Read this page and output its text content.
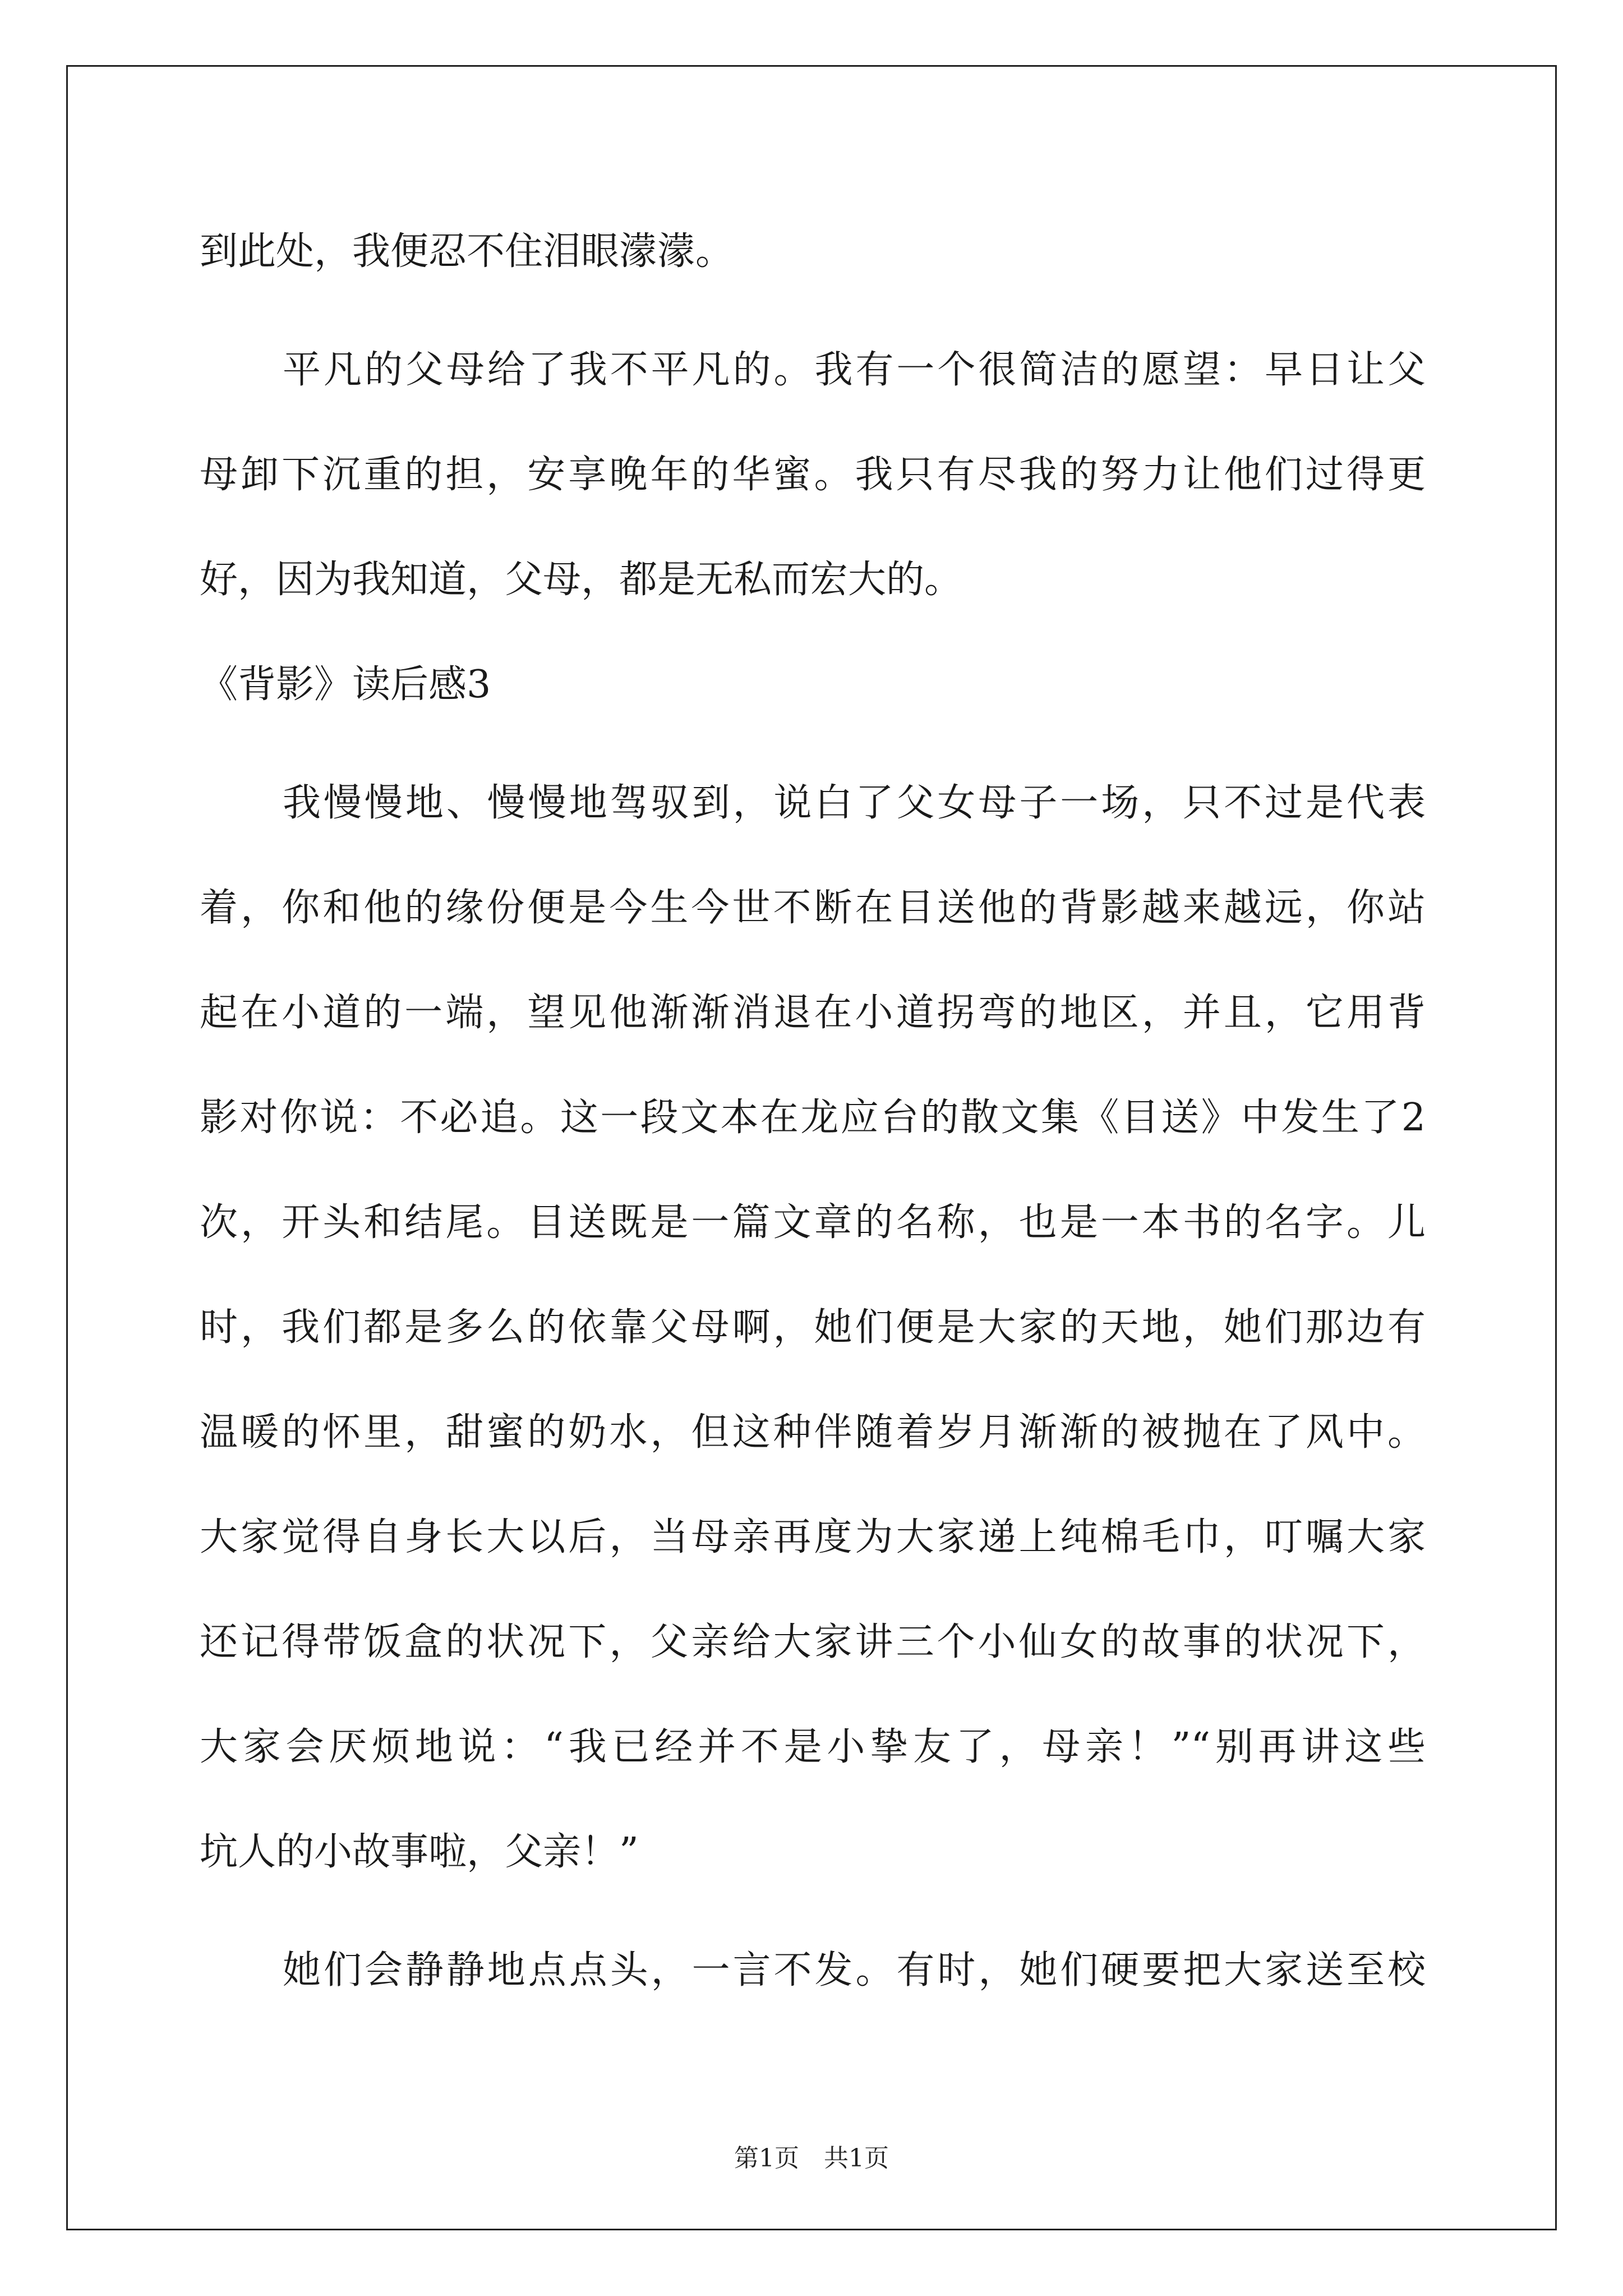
到此处，我便忍不住泪眼濛濛。
平凡的父母给了我不平凡的。我有一个很简洁的愿望：早日让父
母卸下沉重的担，安享晚年的华蜜。我只有尽我的努力让他们过得更
好，因为我知道，父母，都是无私而宏大的。
《背影》读后感3
我慢慢地、慢慢地驾驭到，说白了父女母子一场，只不过是代表
着，你和他的缘份便是今生今世不断在目送他的背影越来越远，你站
起在小道的一端，望见他渐渐消退在小道拐弯的地区，并且，它用背
影对你说：不必追。这一段文本在龙应台的散文集《目送》中发生了2
次，开头和结尾。目送既是一篇文章的名称，也是一本书的名字。儿
时，我们都是多么的依靠父母啊，她们便是大家的天地，她们那边有
温暖的怀里，甜蜜的奶水，但这种伴随着岁月渐渐的被抛在了风中。
大家觉得自身长大以后，当母亲再度为大家递上纯棉毛巾，叮嘱大家
还记得带饭盒的状况下，父亲给大家讲三个小仙女的故事的状况下，
大家会厌烦地说：“我已经并不是小挚友了，母亲！”“别再讲这些
坑人的小故事啦，父亲！”
她们会静静地点点头，一言不发。有时，她们硬要把大家送至校
第1页　共1页
